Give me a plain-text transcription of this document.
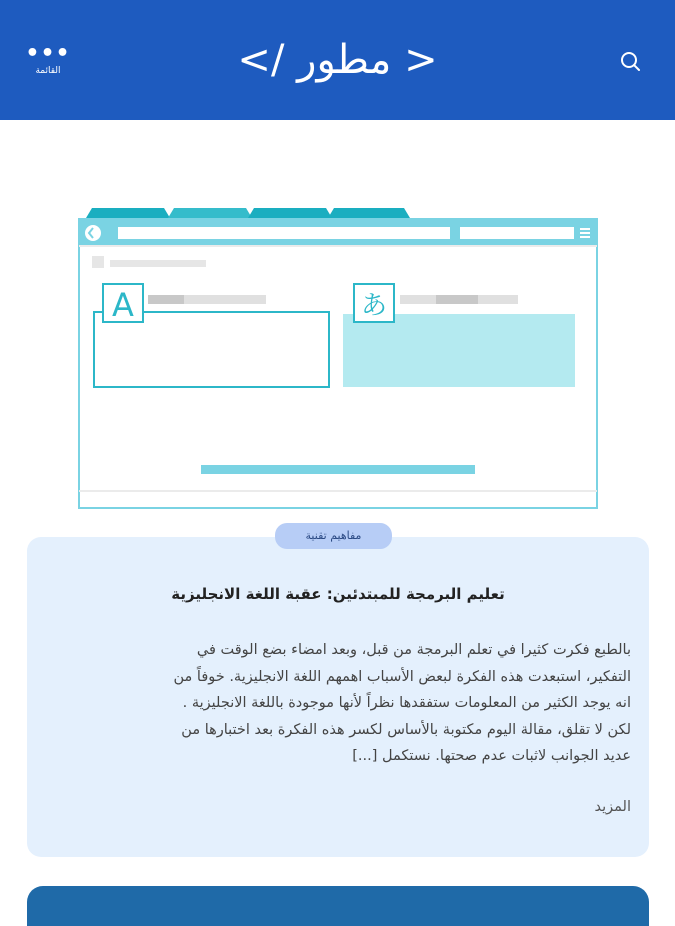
•••
القائمة	< مطور />
A	あ
مفاهيم تقنية
تعليم البرمجة للمبتدئين: عقبة اللغة الانجليزية
بالطبع فكرت كثيرا في تعلم البرمجة من قبل، وبعد امضاء بضع الوقت في
التفكير، استبعدت هذه الفكرة لبعض الأسباب اهمهم اللغة الانجليزية. خوفاً من
انه يوجد الكثير من المعلومات ستفقدها نظراً لأنها موجودة باللغة الانجليزية .
لكن لا تقلق، مقالة اليوم مكتوبة بالأساس لكسر هذه الفكرة بعد اختبارها من
عديد الجوانب لاثبات عدم صحتها. نستكمل [...]
المزيد
